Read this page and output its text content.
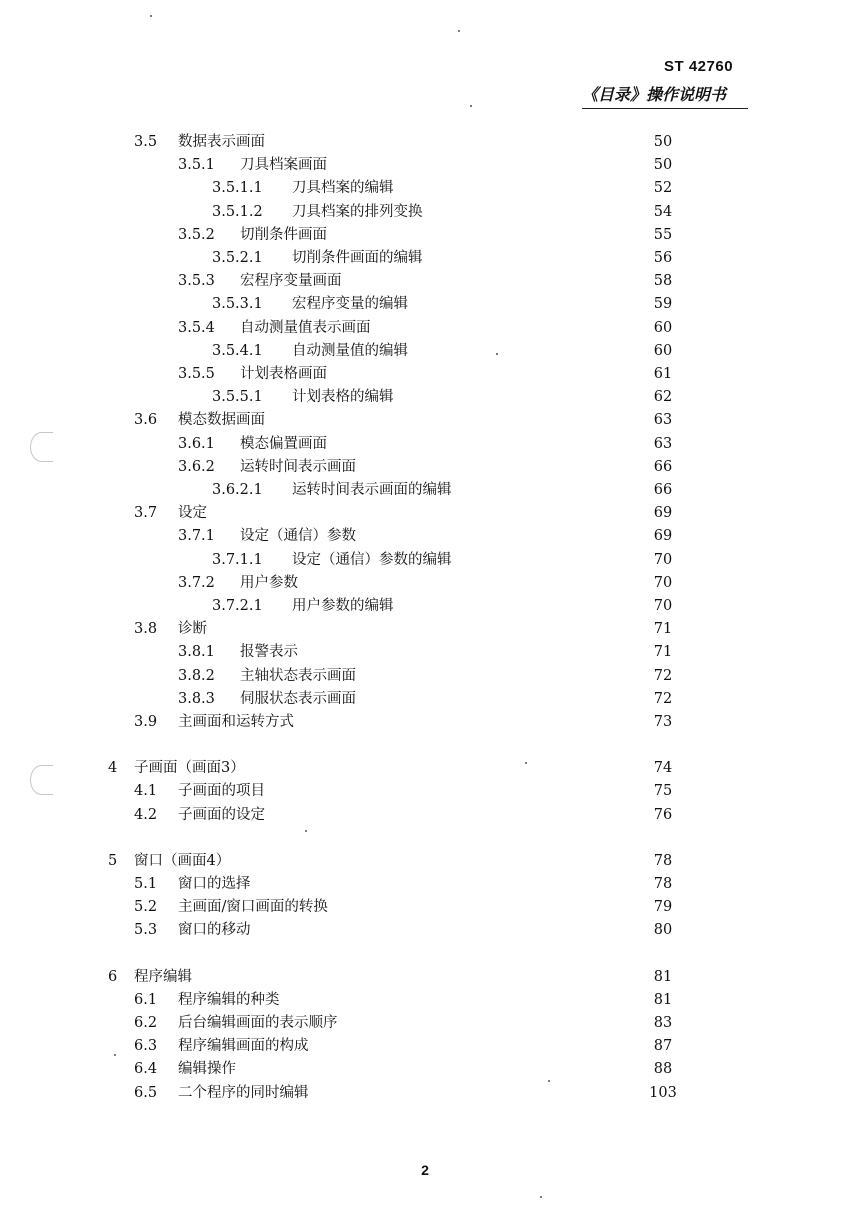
ST 42760
《目录》操作说明书
3.5 数据表示画面	50
3.5.1 刀具档案画面	50
3.5.1.1 刀具档案的编辑	52
3.5.1.2 刀具档案的排列变换	54
3.5.2 切削条件画面	55
3.5.2.1 切削条件画面的编辑	56
3.5.3 宏程序变量画面	58
3.5.3.1 宏程序变量的编辑	59
3.5.4 自动测量值表示画面	60
3.5.4.1 自动测量值的编辑	60
3.5.5 计划表格画面	61
3.5.5.1 计划表格的编辑	62
3.6 模态数据画面	63
3.6.1 模态偏置画面	63
3.6.2 运转时间表示画面	66
3.6.2.1 运转时间表示画面的编辑	66
3.7 设定	69
3.7.1 设定（通信）参数	69
3.7.1.1 设定（通信）参数的编辑	70
3.7.2 用户参数	70
3.7.2.1 用户参数的编辑	70
3.8 诊断	71
3.8.1 报警表示	71
3.8.2 主轴状态表示画面	72
3.8.3 伺服状态表示画面	72
3.9 主画面和运转方式	73
4 子画面（画面3）	74
4.1 子画面的项目	75
4.2 子画面的设定	76
5 窗口（画面4）	78
5.1 窗口的选择	78
5.2 主画面/窗口画面的转换	79
5.3 窗口的移动	80
6 程序编辑	81
6.1 程序编辑的种类	81
6.2 后台编辑画面的表示顺序	83
6.3 程序编辑画面的构成	87
6.4 编辑操作	88
6.5 二个程序的同时编辑	103
2
